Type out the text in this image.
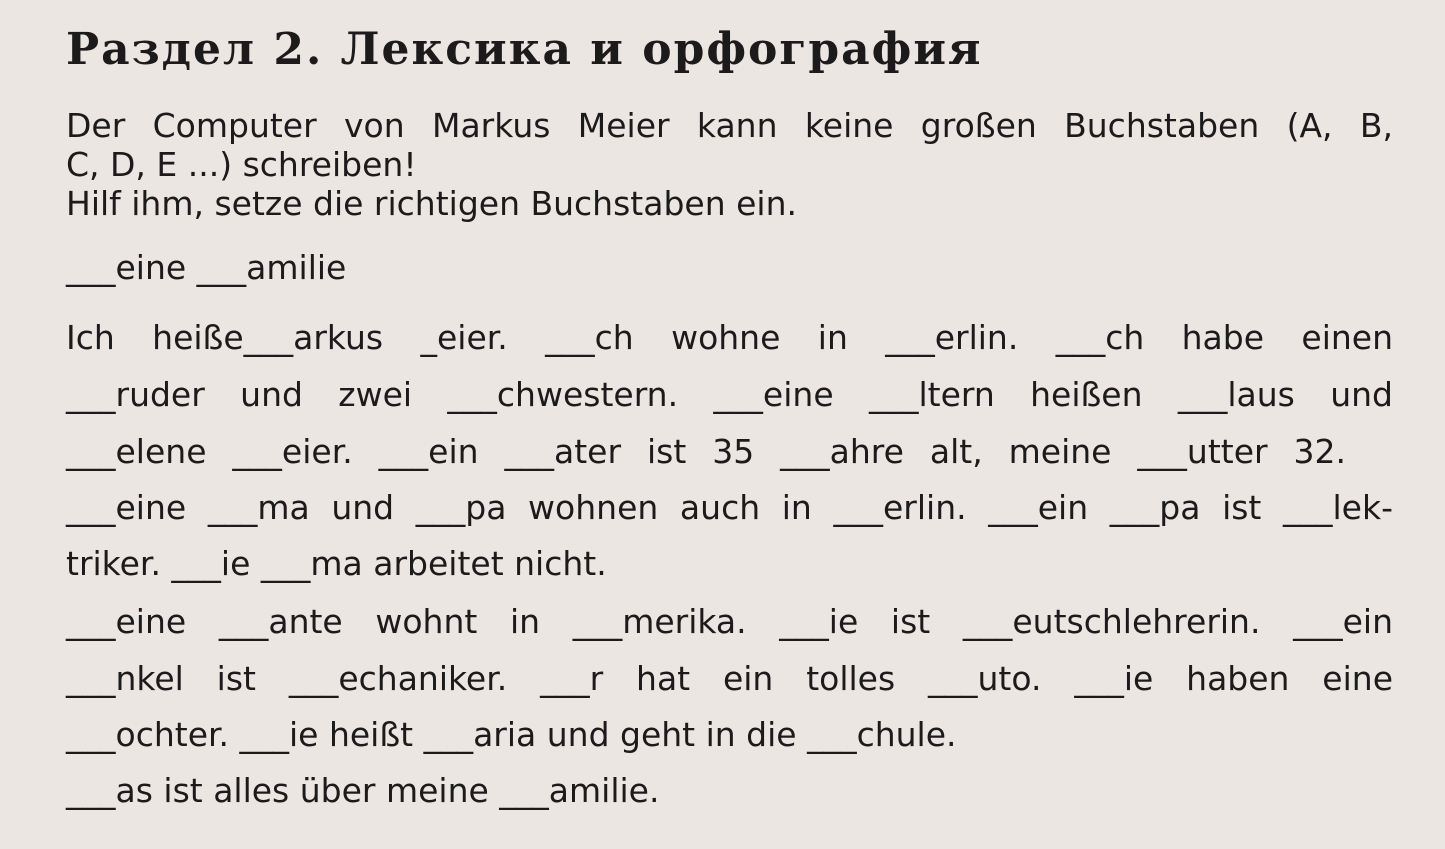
Раздел 2. Лексика и орфография
Der Computer von Markus Meier kann keine großen Buchstaben (A, B,
C, D, E ...) schreiben!
Hilf ihm, setze die richtigen Buchstaben ein.
___eine ___amilie
Ich heiße___arkus _eier. ___ch wohne in ___erlin. ___ch habe einen
___ruder und zwei ___chwestern. ___eine ___ltern heißen ___laus und
___elene ___eier. ___ein ___ater ist 35 ___ahre alt, meine ___utter 32.
___eine ___ma und ___pa wohnen auch in ___erlin. ___ein ___pa ist ___lek-
triker. ___ie ___ma arbeitet nicht.
___eine ___ante wohnt in ___merika. ___ie ist ___eutschlehrerin. ___ein
___nkel ist ___echaniker. ___r hat ein tolles ___uto. ___ie haben eine
___ochter. ___ie heißt ___aria und geht in die ___chule.
___as ist alles über meine ___amilie.
